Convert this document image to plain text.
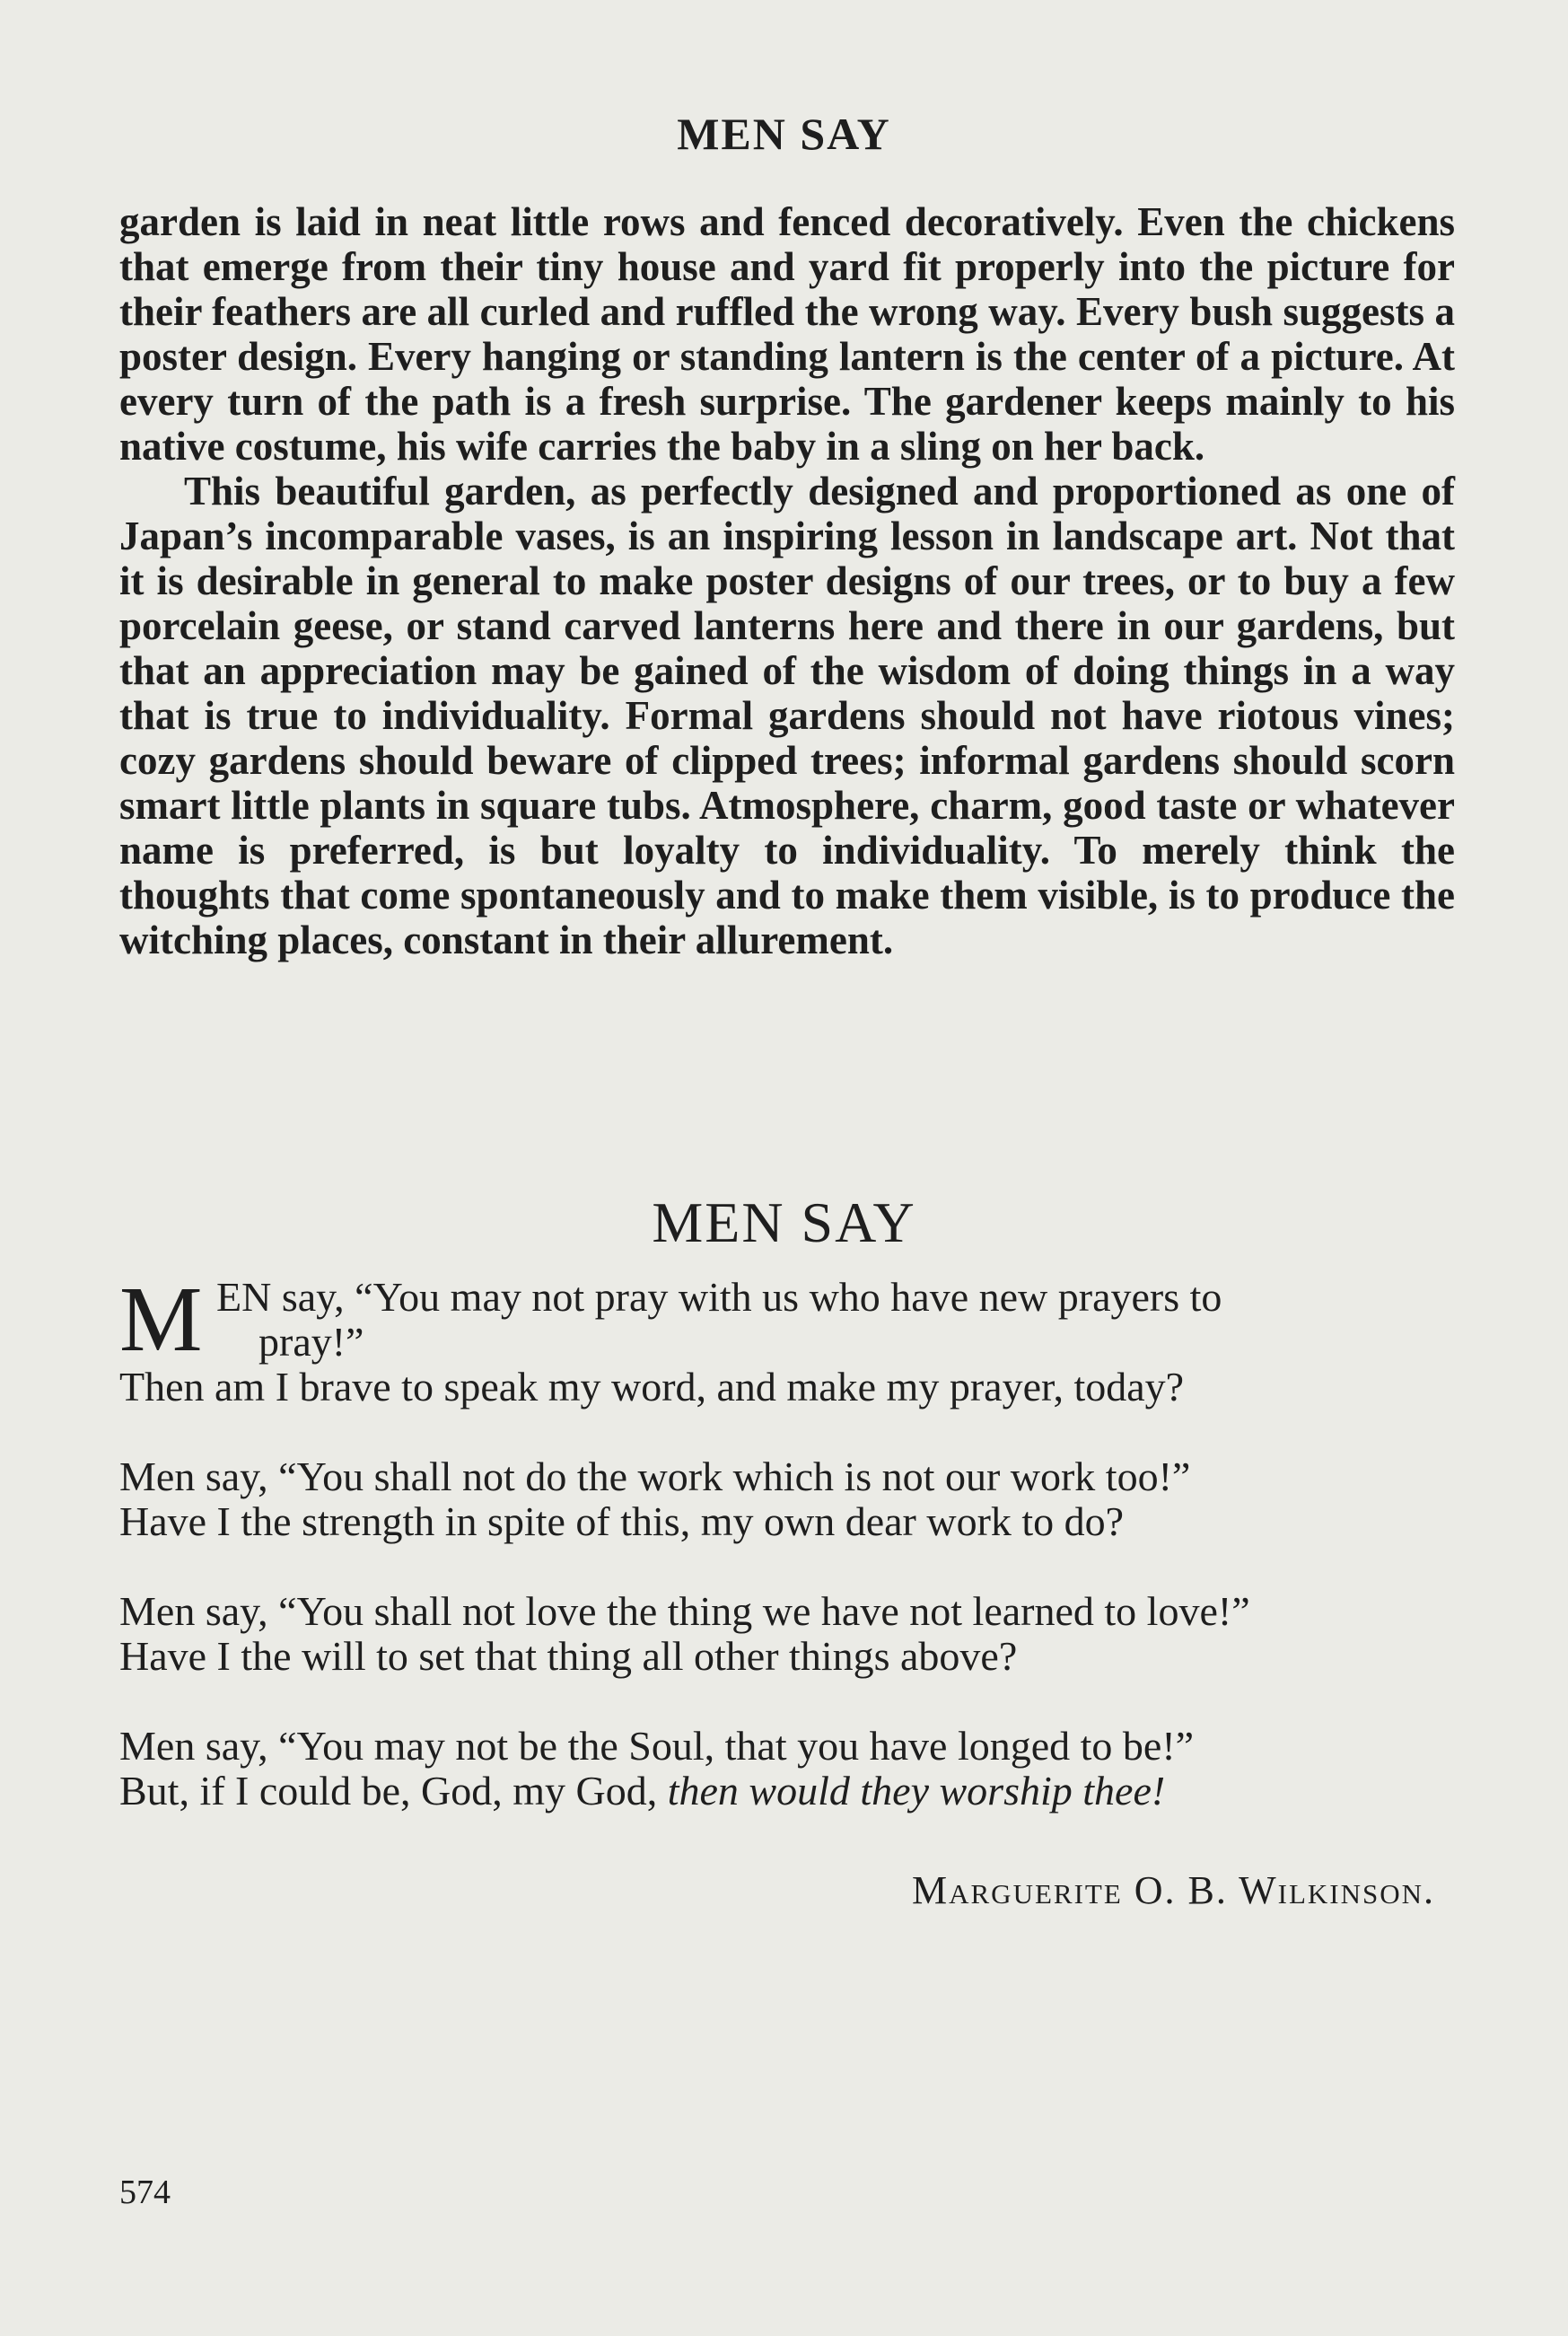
MEN SAY

garden is laid in neat little rows and fenced decoratively. Even the chickens that emerge from their tiny house and yard fit properly into the picture for their feathers are all curled and ruffled the wrong way. Every bush suggests a poster design. Every hanging or standing lantern is the center of a picture. At every turn of the path is a fresh surprise. The gardener keeps mainly to his native costume, his wife carries the baby in a sling on her back.

This beautiful garden, as perfectly designed and proportioned as one of Japan’s incomparable vases, is an inspiring lesson in landscape art. Not that it is desirable in general to make poster designs of our trees, or to buy a few porcelain geese, or stand carved lanterns here and there in our gardens, but that an appreciation may be gained of the wisdom of doing things in a way that is true to individuality. Formal gardens should not have riotous vines; cozy gardens should beware of clipped trees; informal gardens should scorn smart little plants in square tubs. Atmosphere, charm, good taste or whatever name is preferred, is but loyalty to individuality. To merely think the thoughts that come spontaneously and to make them visible, is to produce the witching places, constant in their allurement.

MEN SAY
M EN say, “You may not pray with us who have new prayers to
pray!”
Then am I brave to speak my word, and make my prayer, today?
Men say, “You shall not do the work which is not our work too!”
Have I the strength in spite of this, my own dear work to do?
Men say, “You shall not love the thing we have not learned to love!”
Have I the will to set that thing all other things above?
Men say, “You may not be the Soul, that you have longed to be!”
But, if I could be, God, my God, then would they worship thee!
Marguerite O. B. Wilkinson.
574
